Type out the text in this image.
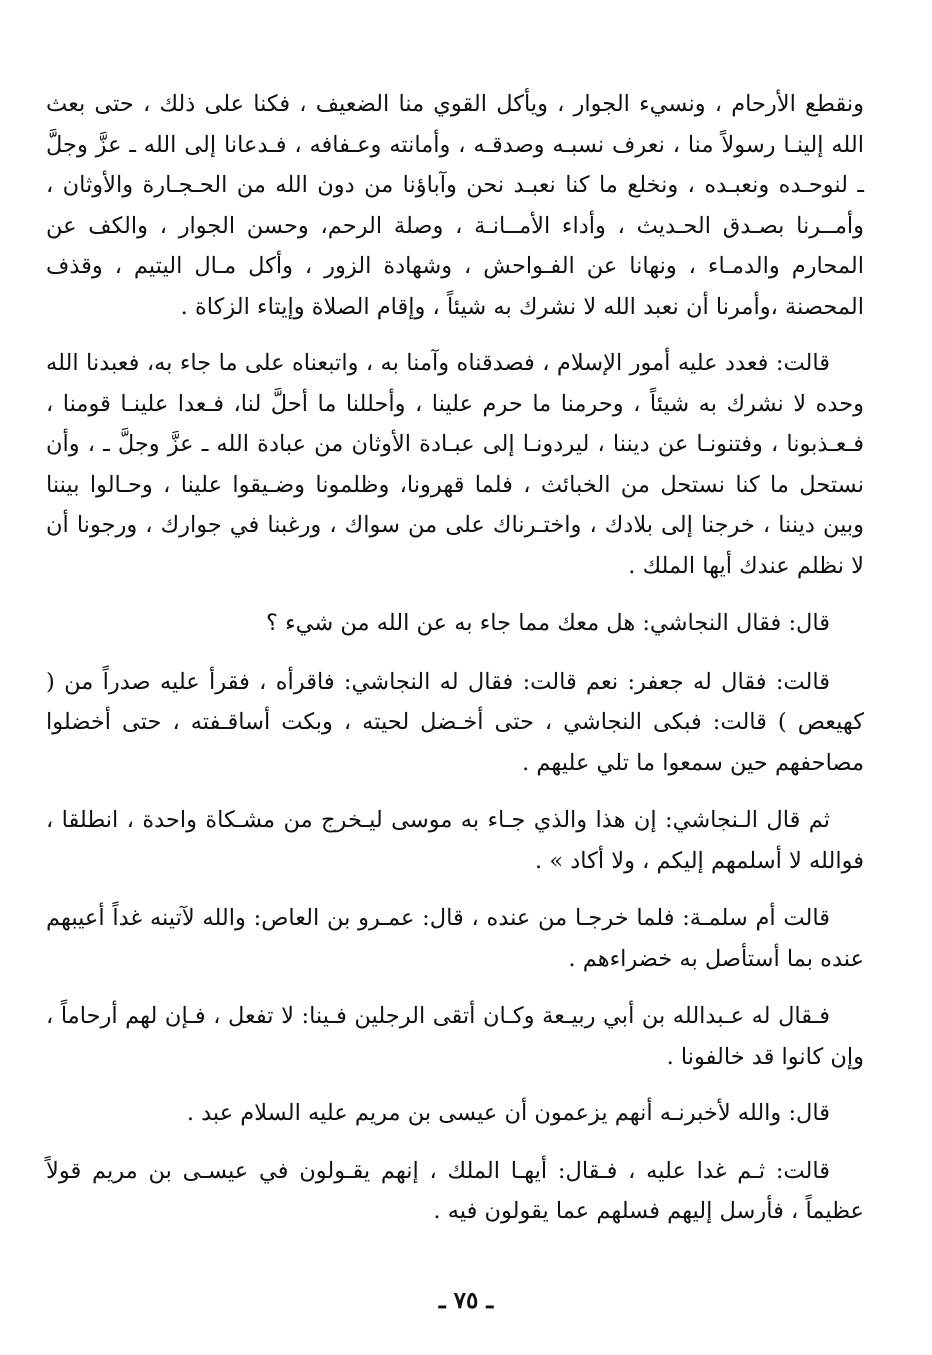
ونقطع الأرحام ، ونسيء الجوار ، ويأكل القوي منا الضعيف ، فكنا على ذلك ، حتى بعث الله إلينـا رسولاً منا ، نعرف نسبـه وصدقـه ، وأمانته وعـفافه ، فـدعانا إلى الله ـ عزَّ وجلَّ ـ لنوحـده ونعبـده ، ونخلع ما كنا نعبـد نحن وآباؤنا من دون الله من الحـجـارة والأوثان ، وأمــرنا بصـدق الحـديث ، وأداء الأمــانـة ، وصلة الرحم، وحسن الجوار ، والكف عن المحارم والدمـاء ، ونهانا عن الفـواحش ، وشهادة الزور ، وأكل مـال اليتيم ، وقذف المحصنة ،وأمرنا أن نعبد الله لا نشرك به شيئاً ، وإقام الصلاة وإيتاء الزكاة .

قالت: فعدد عليه أمور الإسلام ، فصدقناه وآمنا به ، واتبعناه على ما جاء به، فعبدنا الله وحده لا نشرك به شيئاً ، وحرمنا ما حرم علينا ، وأحللنا ما أحلَّ لنا، فـعدا علينـا قومنا ، فـعـذبونا ، وفتنونـا عن ديننا ، ليردونـا إلى عبـادة الأوثان من عبادة الله ـ عزَّ وجلَّ ـ ، وأن نستحل ما كنا نستحل من الخبائث ، فلما قهرونا، وظلمونا وضـيقوا علينا ، وحـالوا بيننا وبين ديننا ، خرجنا إلى بلادك ، واختـرناك على من سواك ، ورغبنا في جوارك ، ورجونا أن لا نظلم عندك أيها الملك .

قال: فقال النجاشي: هل معك مما جاء به عن الله من شيء ؟

قالت: فقال له جعفر: نعم قالت: فقال له النجاشي: فاقرأه ، فقرأ عليه صدراً من ( كهيعص ) قالت: فبكى النجاشي ، حتى أخـضل لحيته ، وبكت أساقـفته ، حتى أخضلوا مصاحفهم حين سمعوا ما تلي عليهم .

ثم قال الـنجاشي: إن هذا والذي جـاء به موسى ليـخرج من مشـكاة واحدة ، انطلقا ، فوالله لا أسلمهم إليكم ، ولا أكاد » .

قالت أم سلمـة: فلما خرجـا من عنده ، قال: عمـرو بن العاص: والله لآتينه غداً أعيبهم عنده بما أستأصل به خضراءهم .

فـقال له عـبدالله بن أبي ربيـعة وكـان أتقى الرجلين فـينا: لا تفعل ، فـإن لهم أرحاماً ، وإن كانوا قد خالفونا .

قال: والله لأخبرنـه أنهم يزعمون أن عيسى بن مريم عليه السلام عبد .

قالت: ثـم غدا عليه ، فـقال: أيهـا الملك ، إنهم يقـولون في عيسـى بن مريم قولاً عظيماً ، فأرسل إليهم فسلهم عما يقولون فيه .

ـ ٧٥ ـ
